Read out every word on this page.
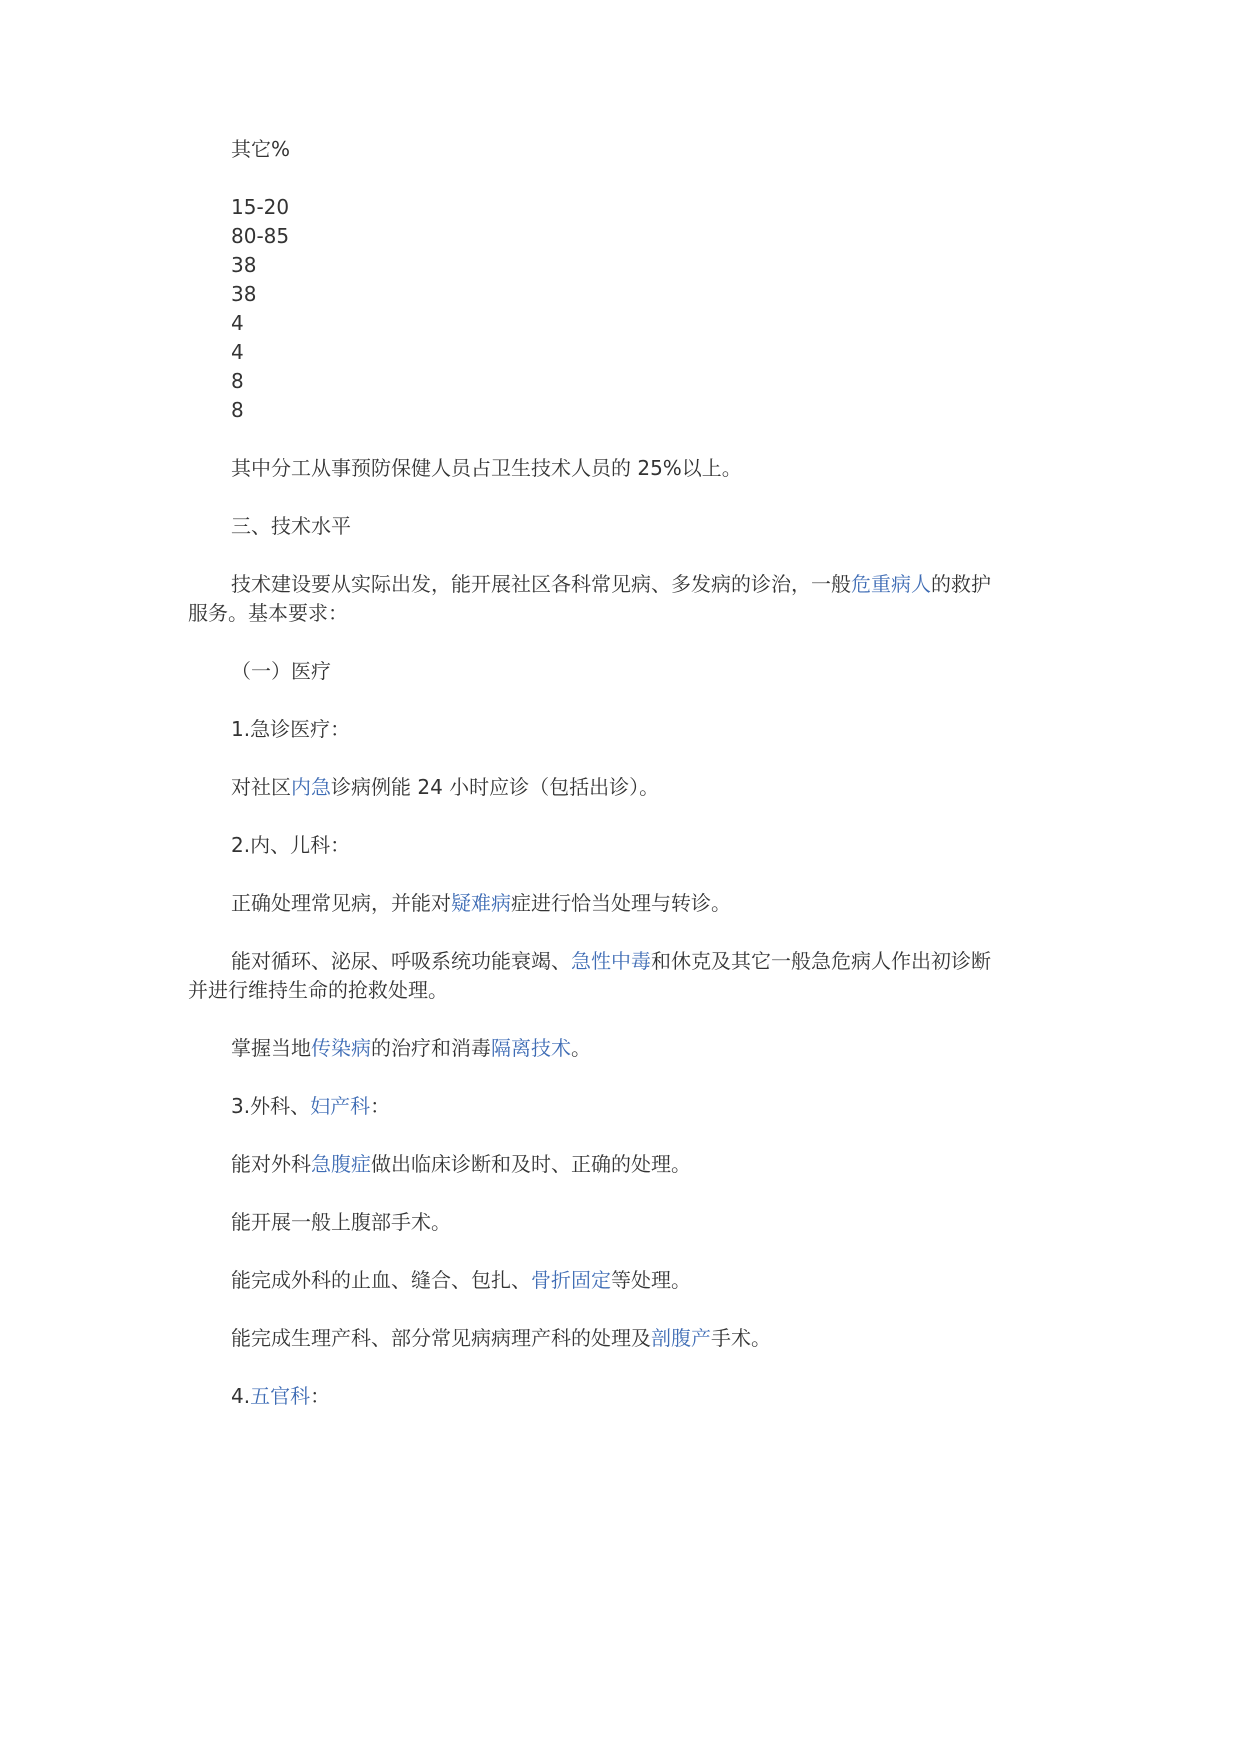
其它%
15-20
80-85
38
38
4
4
8
8
其中分工从事预防保健人员占卫生技术人员的 25%以上。
三、技术水平
技术建设要从实际出发，能开展社区各科常见病、多发病的诊治，一般危重病人的救护
服务。基本要求：
（一）医疗
1.急诊医疗：
对社区内急诊病例能 24 小时应诊（包括出诊）。
2.内、儿科：
正确处理常见病，并能对疑难病症进行恰当处理与转诊。
能对循环、泌尿、呼吸系统功能衰竭、急性中毒和休克及其它一般急危病人作出初诊断
并进行维持生命的抢救处理。
掌握当地传染病的治疗和消毒隔离技术。
3.外科、妇产科：
能对外科急腹症做出临床诊断和及时、正确的处理。
能开展一般上腹部手术。
能完成外科的止血、缝合、包扎、骨折固定等处理。
能完成生理产科、部分常见病病理产科的处理及剖腹产手术。
4.五官科：
